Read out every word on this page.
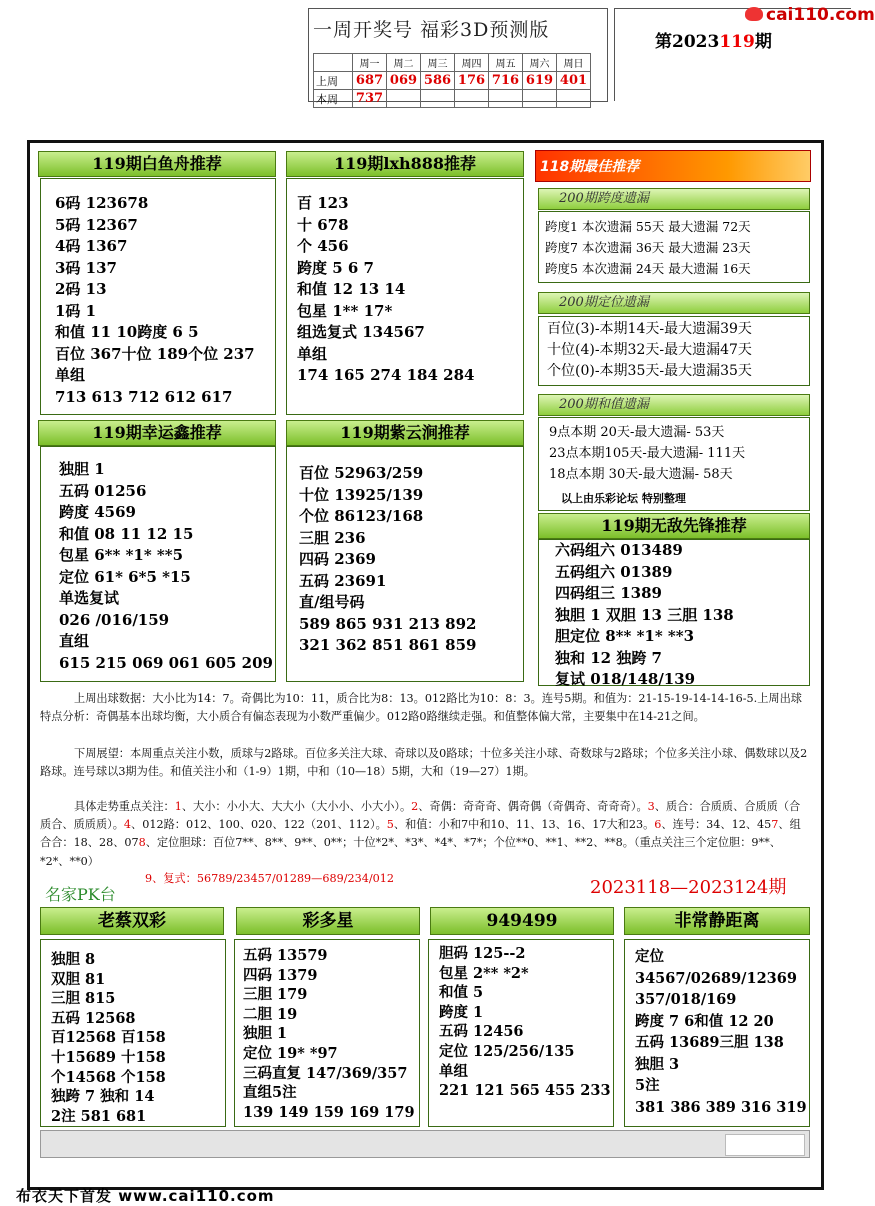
一周开奖号 福彩3D预测版
	周一	周二	周三	周四	周五	周六	周日
上周	687	069	586	176	716	619	401
本周	737						
cai110.com
第2023119期
119期白鱼舟推荐
6码 123678
5码 12367
4码 1367
3码 137
2码 13
1码 1
和值 11 10跨度 6 5
百位 367十位 189个位 237
单组
713 613 712 612 617
119期lxh888推荐
百 123
十 678
个 456
跨度 5 6 7
和值 12 13 14
包星 1** 17*
组选复式 134567
单组
174 165 274 184 284
119期幸运鑫推荐
独胆 1
五码 01256
跨度 4569
和值 08 11 12 15
包星 6** *1* **5
定位 61* 6*5 *15
单选复试
026 /016/159
直组
615 215 069 061 605 209
119期紫云涧推荐
百位 52963/259
十位 13925/139
个位 86123/168
三胆 236
四码 2369
五码 23691
直/组号码
589 865 931 213 892
321 362 851 861 859
118期最佳推荐
200期跨度遗漏
跨度1 本次遗漏 55天 最大遗漏 72天
跨度7 本次遗漏 36天 最大遗漏 23天
跨度5 本次遗漏 24天 最大遗漏 16天
200期定位遗漏
百位(3)-本期14天-最大遗漏39天
十位(4)-本期32天-最大遗漏47天
个位(0)-本期35天-最大遗漏35天
200期和值遗漏
9点本期 20天-最大遗漏- 53天
23点本期105天-最大遗漏- 111天
18点本期 30天-最大遗漏- 58天
以上由乐彩论坛 特别整理
119期无敌先锋推荐
六码组六 013489
五码组六 01389
四码组三 1389
独胆 1 双胆 13 三胆 138
胆定位 8** *1* **3
独和 12 独跨 7
复试 018/148/139
上周出球数据：大小比为14：7。奇偶比为10：11，质合比为8：13。012路比为10：8：3。连号5期。和值为：21-15-19-14-14-16-5.上周出球特点分析：奇偶基本出球均衡，大小质合有偏态表现为小数严重偏少。012路0路继续走强。和值整体偏大常，主要集中在14-21之间。
下周展望：本周重点关注小数，质球与2路球。百位多关注大球、奇球以及0路球；十位多关注小球、奇数球与2路球；个位多关注小球、偶数球以及2路球。连号球以3期为佳。和值关注小和（1-9）1期，中和（10—18）5期，大和（19—27）1期。
具体走势重点关注：1、大小：小小大、大大小（大小小、小大小）。2、奇偶：奇奇奇、偶奇偶（奇偶奇、奇奇奇）。3、质合：合质质、合质质（合质合、质质质）。4、012路：012、100、020、122（201、112）。5、和值：小和7中和10、11、13、16、17大和23。6、连号：34、12、457、组合合：18、28、078、定位胆球：百位7**、8**、9**、0**；十位*2*、*3*、*4*、*7*；个位**0、**1、**2、**8。（重点关注三个定位胆：9**、*2*、**0）
9、复式：56789/23457/01289—689/234/012
名家PK台	2023118—2023124期
老蔡双彩
独胆 8
双胆 81
三胆 815
五码 12568
百12568 百158
十15689 十158
个14568 个158
独跨 7 独和 14
2注 581 681
彩多星
五码 13579
四码 1379
三胆 179
二胆 19
独胆 1
定位 19* *97
三码直复 147/369/357
直组5注
139 149 159 169 179
949499
胆码 125--2
包星 2** *2*
和值 5
跨度 1
五码 12456
定位 125/256/135
单组
221 121 565 455 233
非常静距离
定位
34567/02689/12369
357/018/169
跨度 7 6和值 12 20
五码 13689三胆 138
独胆 3
5注
381 386 389 316 319
布衣天下首发 www.cai110.com
